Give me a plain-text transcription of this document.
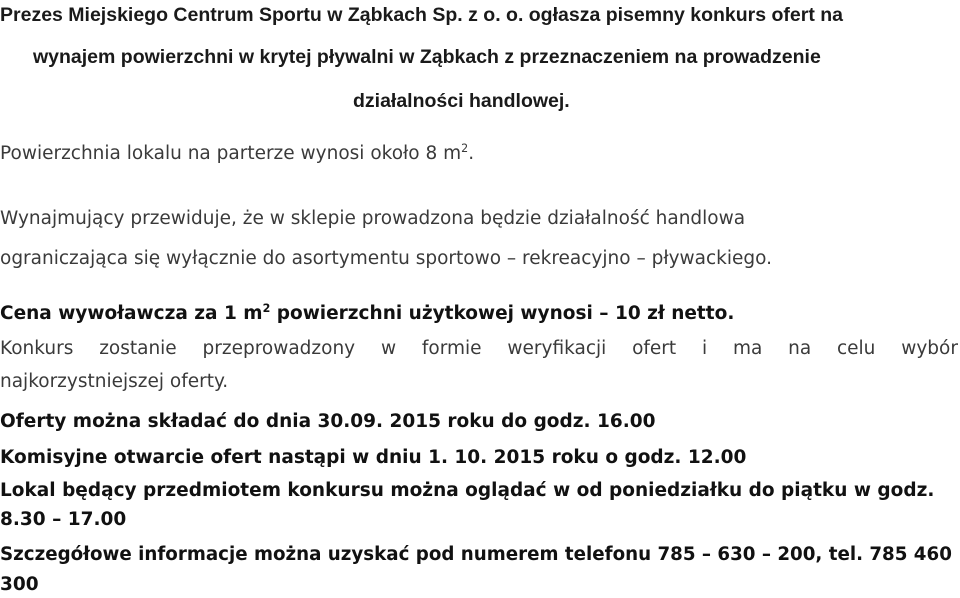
Prezes Miejskiego Centrum Sportu w Ząbkach Sp. z o. o. ogłasza pisemny konkurs ofert na
wynajem powierzchni w krytej pływalni w Ząbkach z przeznaczeniem na prowadzenie
działalności handlowej.
Powierzchnia lokalu na parterze wynosi około 8 $m^2$.
Wynajmujący przewiduje, że w sklepie prowadzona będzie działalność handlowa
ograniczająca się wyłącznie do asortymentu sportowo – rekreacyjno – pływackiego.
Cena wywoławcza za 1 $m^2$ powierzchni użytkowej wynosi – 10 zł netto.
Konkurs zostanie przeprowadzony w formie weryfikacji ofert i ma na celu wybór
najkorzystniejszej oferty.
Oferty można składać do dnia 30.09. 2015 roku do godz. 16.00
Komisyjne otwarcie ofert nastąpi w dniu 1. 10. 2015 roku o godz. 12.00
Lokal będący przedmiotem konkursu można oglądać w od poniedziałku do piątku w godz.
8.30 – 17.00
Szczegółowe informacje można uzyskać pod numerem telefonu 785 – 630 – 200, tel. 785 460
300
